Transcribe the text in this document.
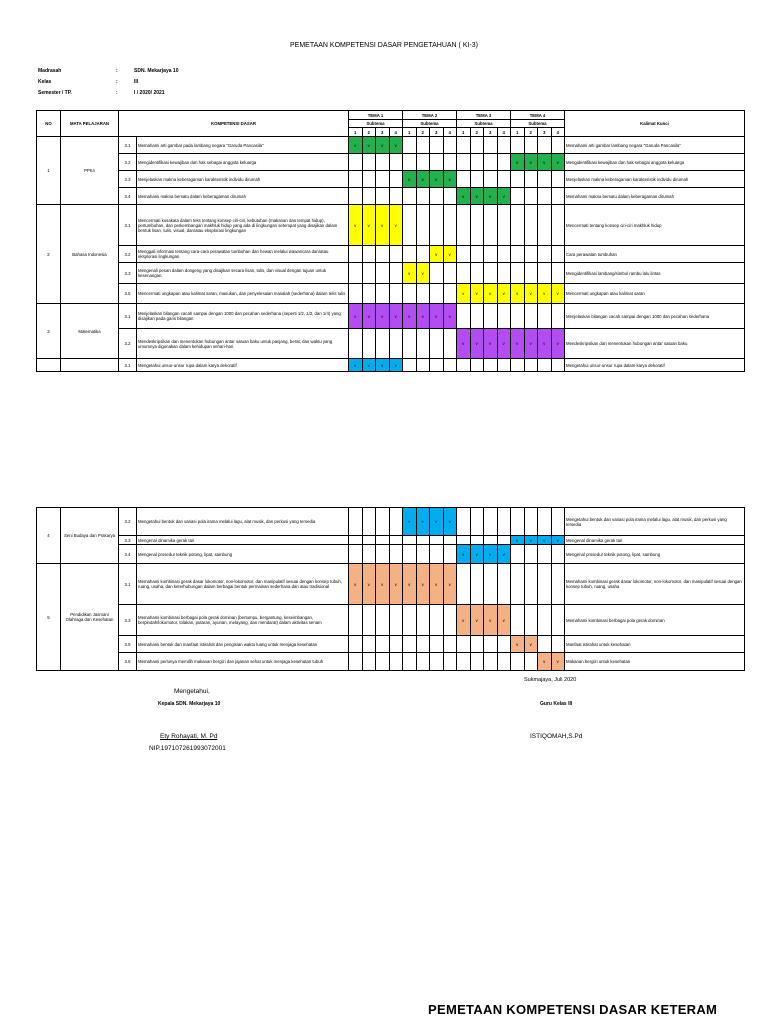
PEMETAAN KOMPETENSI DASAR PENGETAHUAN ( KI-3)
Madrasah	:	SDN. Mekarjaya 10
Kelas	:	III
Semester / TP.	:	I / 2020/ 2021
NO	MATA PELAJARAN	KOMPETENSI DASAR		TEMA 1				TEMA 2				TEMA 3				TEMA 4				Kalimat Kunci
				Subtema				Subtema				Subtema				Subtema				
				1	2	3	4	1	2	3	4	1	2	3	4	1	2	3	4	
1	PPKn	3.1	Memahami arti gambar pada lambang negara "Garuda Pancasila"	v	v	v	v													Memahami arti gambar lambang negara "Garuda Pancasila"
		3.2	Mengidentifikasi kewajiban dan hak sebagai anggota keluarga													v	v	v	v	Mengidentifikasi kewajiban dan hak sebagai anggota keluarga
		3.3	Menjelaskan makna keberagaman karakteristik individu dirumah					v	v	v	v									Menjelaskan makna keberagaman karakteristik individu dirumah
		3.4	Memahami makna bersatu dalam keberagaman dirumah									v	v	v	v					Memahami makna bersatu dalam keberagaman dirumah
2	Bahasa Indonesia	3.1	Mencermati kosakata dalam teks tentang konsep ciri-ciri, kebutuhan (makanan dan tempat hidup), pertumbuhan, dan perkembangan makhluk hidup yang ada di lingkungan setempat yang disajikan dalam bentuk lisan, tulis, visual, dan/atau eksplorasi lingkungan	v	v	v	v													Mencermati tentang konsep ciri-ciri makhluk hidup
		3.2	Menggali informasi tentang cara-cara perawatan tumbuhan dan hewan melalui wawancara dan/atau eksplorasi lingkungan.							v	v									Cara perawatan tumbuhan
		3.3	Mengenali pesan dalam dongeng yang disajikan secara lisan, tulis, dan visual dengan tujuan untuk kesenangan.					v	v											Mengidentifikasi lambang/simbol rambu lalu lintas
		3.5	Mencermati ungkapan atau kalimat saran, masukan, dan penyelesaian masalah (sederhana) dalam teks tulis									v	v	v	v	v	v	v	v	Mencermati ungkapan atau kalimat saran
3	Matematika	3.1	Menjelaskan bilangan cacah sampai dengan 1000 dan pecahan sederhana (seperti 1/2, 1/3, dan 1/4) yang disajikan pada garis bilangan	v	v	v	v	v	v	v	v									Menjelaskan bilangan cacah sampai dengan 1000 dan pecahan sederhana
		3.2	Mendeskripsikan dan menentukan hubungan antar satuan baku untuk panjang, berat, dan waktu yang umumnya digunakan dalam kehidupan sehari-hari									v	v	v	v	v	v	v	v	Mendeskripsikan dan menentukan hubungan antar satuan baku
		3.1	Mengetahui unsur-unsur rupa dalam karya dekoratif	v	v	v	v													Mengetahui unsur-unsur rupa dalam karya dekoratif
4	Seni Budaya dan Prakarya	3.2	Mengetahui bentuk dan variasi pola irama melalui lagu, alat musik, dan perkusi yang tersedia					v	v	v	v									Mengetahui bentuk dan variasi pola irama melalui lagu, alat musik, dan perkusi yang tersedia
		3.3	Mengenal dinamika gerak tari													v	v	v	v	Mengenal dinamika gerak tari
		3.4	Mengenal prosedur teknik potong, lipat, sambung									v	v	v	v					Mengenal prosedur teknik potong, lipat, sambung
5	Pendidikan Jasmani Olahraga dan Kesehatan	3.1	Memahami kombinasi gerak dasar lokomotor, non-lokomotor, dan manipulatif sesuai dengan konsep tubuh, ruang, usaha, dan keterhubungan dalam berbagai bentuk permainan sederhana dan atau tradisional	v	v	v	v	v	v	v	v									Memahami kombinasi gerak dasar lokomotor, non-lokomotor, dan manipulatif sesuai dengan konsep tubuh, ruang, usaha
		3.3	Memahami kombinasi berbagai pola gerak dominan (bertumpu, bergantung, keseimbangan, berpindah/lokomotor, tolakan, putaran, ayunan, melayang, dan mendarat) dalam aktivitas senam									v	v	v	v					Memahami kombinasi berbagai pola gerak dominan
		3.5	Memahami bentuk dan manfaat istirahat dan pengisian waktu luang untuk menjaga kesehatan													v	v			Manfaat istirahat untuk kesehatan
		3.6	Memahami perlunya memilih makanan bergizi dan jajanan sehat untuk menjaga kesehatan tubuh															v	v	Makanan bergizi untuk kesehatan
Sukmajaya, Juli 2020
Mengetahui,
Kepala SDN. Mekarjaya 10	Guru Kelas III
Ety Rohayati, M. Pd	ISTIQOMAH,S.Pd
NIP.197107261993072001
PEMETAAN KOMPETENSI DASAR KETERAM
